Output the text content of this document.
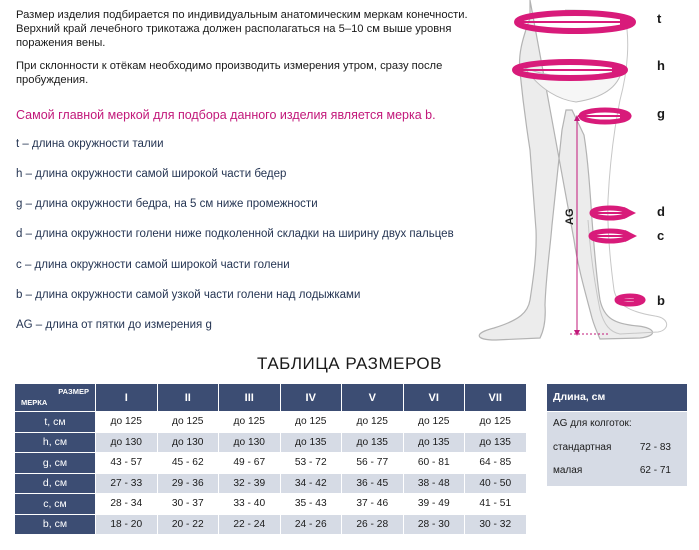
Размер изделия подбирается по индивидуальным анатомическим меркам конечности. Верхний край лечебного трикотажа должен располагаться на 5–10 см выше уровня поражения вены.

При склонности к отёкам необходимо производить измерения утром, сразу после пробуждения.

Самой главной меркой для подбора данного изделия является мерка b.
t – длина окружности талии
h – длина окружности самой широкой части бедер
g – длина окружности бедра, на 5 см ниже промежности
d – длина окружности голени ниже подколенной складки на ширину двух пальцев
c – длина окружности самой широкой части голени
b – длина окружности самой узкой части голени над лодыжками
AG – длина от пятки до измерения g
t
h
g
d
c
b
AG
ТАБЛИЦА РАЗМЕРОВ
РАЗМЕР
МЕРКА	I	II	III	IV	V	VI	VII
t, см	до 125	до 125	до 125	до 125	до 125	до 125	до 125
h, см	до 130	до 130	до 130	до 135	до 135	до 135	до 135
g, см	43 - 57	45 - 62	49 - 67	53 - 72	56 - 77	60 - 81	64 - 85
d, см	27 - 33	29 - 36	32 - 39	34 - 42	36 - 45	38 - 48	40 - 50
c, см	28 - 34	30 - 37	33 - 40	35 - 43	37 - 46	39 - 49	41 - 51
b, см	18 - 20	20 - 22	22 - 24	24 - 26	26 - 28	28 - 30	30 - 32
Длина, см
AG для колготок:
стандартная	72 - 83
малая	62 - 71
